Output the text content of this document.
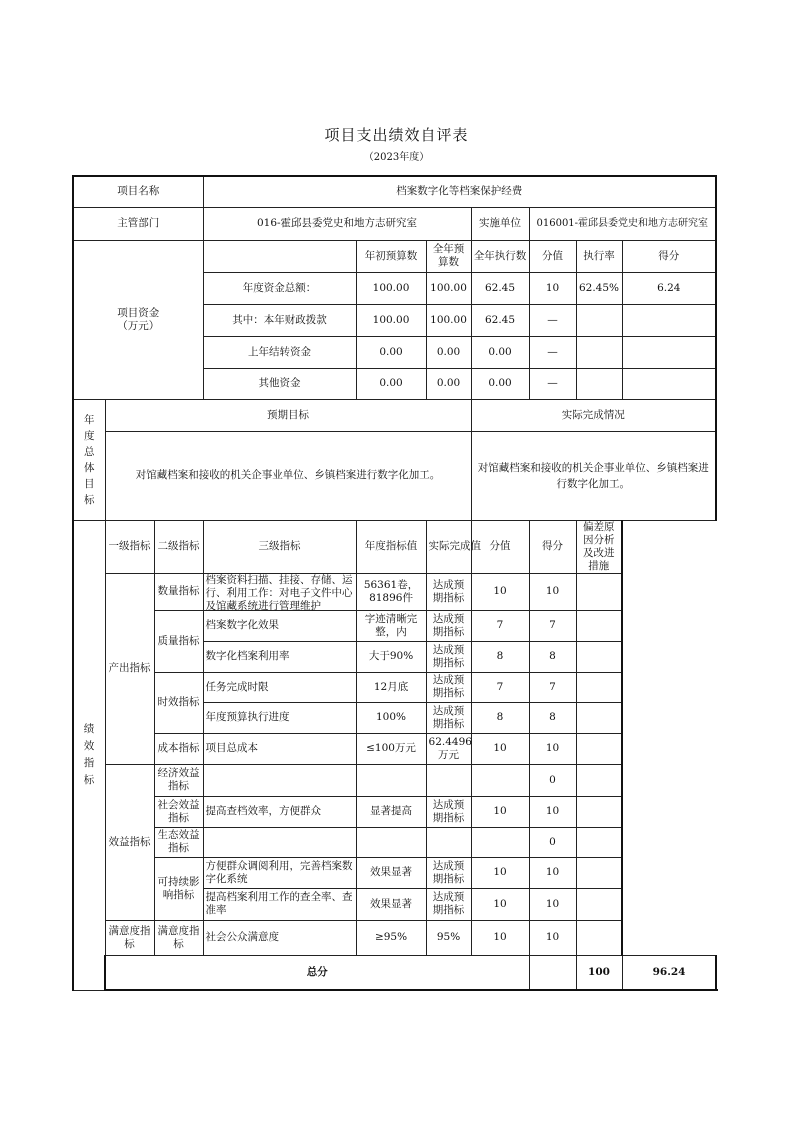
项目支出绩效自评表
（2023年度）
项目名称			档案数字化等档案保护经费							
主管部门			016-霍邱县委党史和地方志研究室			实施单位	016001-霍邱县委党史和地方志研究室			
项目资金
（万元）				年初预算数	全年预算数	全年执行数	分值	执行率	得分	
			年度资金总额：	100.00	100.00	62.45	10	62.45%	6.24	
			其中：本年财政拨款	100.00	100.00	62.45	—			
			上年结转资金	0.00	0.00	0.00	—			
			其他资金	0.00	0.00	0.00	—			
年度总体目标	预期目标					实际完成情况				
	对馆藏档案和接收的机关企事业单位、乡镇档案进行数字化加工。					对馆藏档案和接收的机关企事业单位、乡镇档案进行数字化加工。				
绩效指标	一级指标	二级指标	三级指标	年度指标值	实际完成值	分值	得分	偏差原因分析及改进措施		
	产出指标	数量指标	档案资料扫描、挂接、存储、运行、利用工作：对电子文件中心及馆藏系统进行管理维护	56361卷，81896件	达成预期指标	10	10			
		质量指标	档案数字化效果	字迹清晰完整，内	达成预期指标	7	7			
			数字化档案利用率	大于90%	达成预期指标	8	8			
		时效指标	任务完成时限	12月底	达成预期指标	7	7			
			年度预算执行进度	100%	达成预期指标	8	8			
		成本指标	项目总成本	≤100万元	62.4496万元	10	10			
	效益指标	经济效益指标					0			
		社会效益指标	提高查档效率，方便群众	显著提高	达成预期指标	10	10			
		生态效益指标					0			
		可持续影响指标	方便群众调阅利用，完善档案数字化系统	效果显著	达成预期指标	10	10			
			提高档案利用工作的查全率、查准率	效果显著	达成预期指标	10	10			
	满意度指标	满意度指标	社会公众满意度	≥95%	95%	10	10			
	总分							100	96.24	
